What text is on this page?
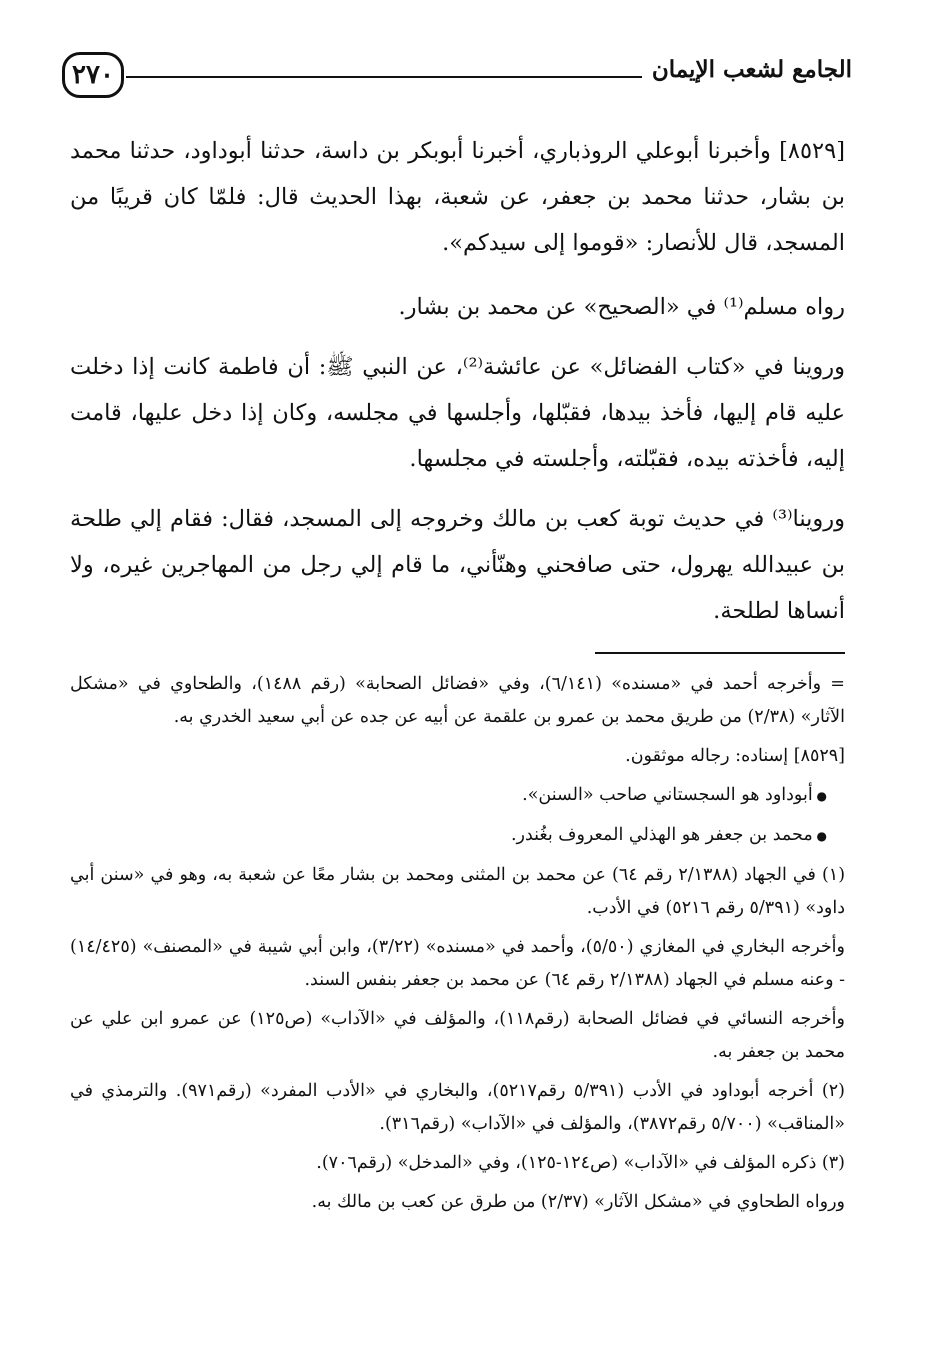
٢٧٠	الجامع لشعب الإيمان

[٨٥٢٩] وأخبرنا أبوعلي الروذباري، أخبرنا أبوبكر بن داسة، حدثنا أبوداود، حدثنا محمد بن بشار، حدثنا محمد بن جعفر، عن شعبة، بهذا الحديث قال: فلمّا كان قريبًا من المسجد، قال للأنصار: «قوموا إلى سيدكم».

رواه مسلم⁽¹⁾ في «الصحيح» عن محمد بن بشار.

وروينا في «كتاب الفضائل» عن عائشة⁽²⁾، عن النبي ﷺ: أن فاطمة كانت إذا دخلت عليه قام إليها، فأخذ بيدها، فقبّلها، وأجلسها في مجلسه، وكان إذا دخل عليها، قامت إليه، فأخذته بيده، فقبّلته، وأجلسته في مجلسها.

وروينا⁽³⁾ في حديث توبة كعب بن مالك وخروجه إلى المسجد، فقال: فقام إلي طلحة بن عبيدالله يهرول، حتى صافحني وهنّأني، ما قام إلي رجل من المهاجرين غيره، ولا أنساها لطلحة.

= وأخرجه أحمد في «مسنده» (٦/١٤١)، وفي «فضائل الصحابة» (رقم ١٤٨٨)، والطحاوي في «مشكل الآثار» (٢/٣٨) من طريق محمد بن عمرو بن علقمة عن أبيه عن جده عن أبي سعيد الخدري به.

[٨٥٢٩] إسناده: رجاله موثقون.

● أبوداود هو السجستاني صاحب «السنن».

● محمد بن جعفر هو الهذلي المعروف بغُندر.

(١) في الجهاد (٢/١٣٨٨ رقم ٦٤) عن محمد بن المثنى ومحمد بن بشار معًا عن شعبة به، وهو في «سنن أبي داود» (٥/٣٩١ رقم ٥٢١٦) في الأدب.

وأخرجه البخاري في المغازي (٥/٥٠)، وأحمد في «مسنده» (٣/٢٢)، وابن أبي شيبة في «المصنف» (١٤/٤٢٥) - وعنه مسلم في الجهاد (٢/١٣٨٨ رقم ٦٤) عن محمد بن جعفر بنفس السند.

وأخرجه النسائي في فضائل الصحابة (رقم١١٨)، والمؤلف في «الآداب» (ص١٢٥) عن عمرو ابن علي عن محمد بن جعفر به.

(٢) أخرجه أبوداود في الأدب (٥/٣٩١ رقم٥٢١٧)، والبخاري في «الأدب المفرد» (رقم٩٧١). والترمذي في «المناقب» (٥/٧٠٠ رقم٣٨٧٢)، والمؤلف في «الآداب» (رقم٣١٦).

(٣) ذكره المؤلف في «الآداب» (ص١٢٤-١٢٥)، وفي «المدخل» (رقم٧٠٦).

ورواه الطحاوي في «مشكل الآثار» (٢/٣٧) من طرق عن كعب بن مالك به.
